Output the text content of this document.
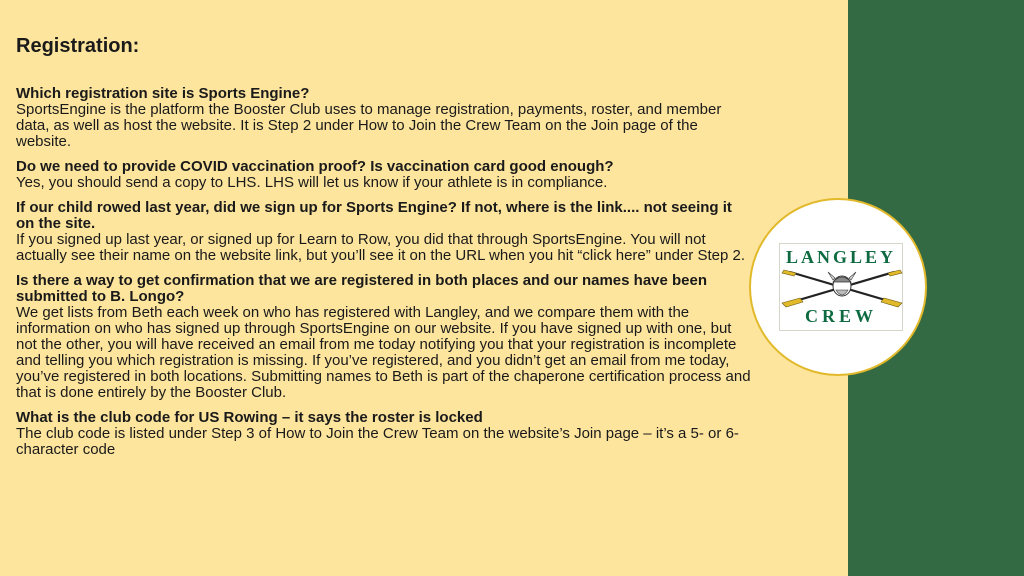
Registration:
Which registration site is Sports Engine?
SportsEngine is the platform the Booster Club uses to manage registration, payments, roster, and member data, as well as host the website. It is Step 2 under How to Join the Crew Team on the Join page of the website.
Do we need to provide COVID vaccination proof? Is vaccination card good enough?
Yes, you should send a copy to LHS. LHS will let us know if your athlete is in compliance.
If our child rowed last year, did we sign up for Sports Engine? If not, where is the link.... not seeing it on the site.
If you signed up last year, or signed up for Learn to Row, you did that through SportsEngine. You will not actually see their name on the website link, but you’ll see it on the URL when you hit “click here” under Step 2.
Is there a way to get confirmation that we are registered in both places and our names have been submitted to B. Longo?
We get lists from Beth each week on who has registered with Langley, and we compare them with the information on who has signed up through SportsEngine on our website. If you have signed up with one, but not the other, you will have received an email from me today notifying you that your registration is incomplete and telling you which registration is missing. If you’ve registered, and you didn’t get an email from me today, you’ve registered in both locations. Submitting names to Beth is part of the chaperone certification process and that is done entirely by the Booster Club.
What is the club code for US Rowing – it says the roster is locked
The club code is listed under Step 3 of How to Join the Crew Team on the website’s Join page – it’s a 5- or 6-character code
LANGLEY
CREW
